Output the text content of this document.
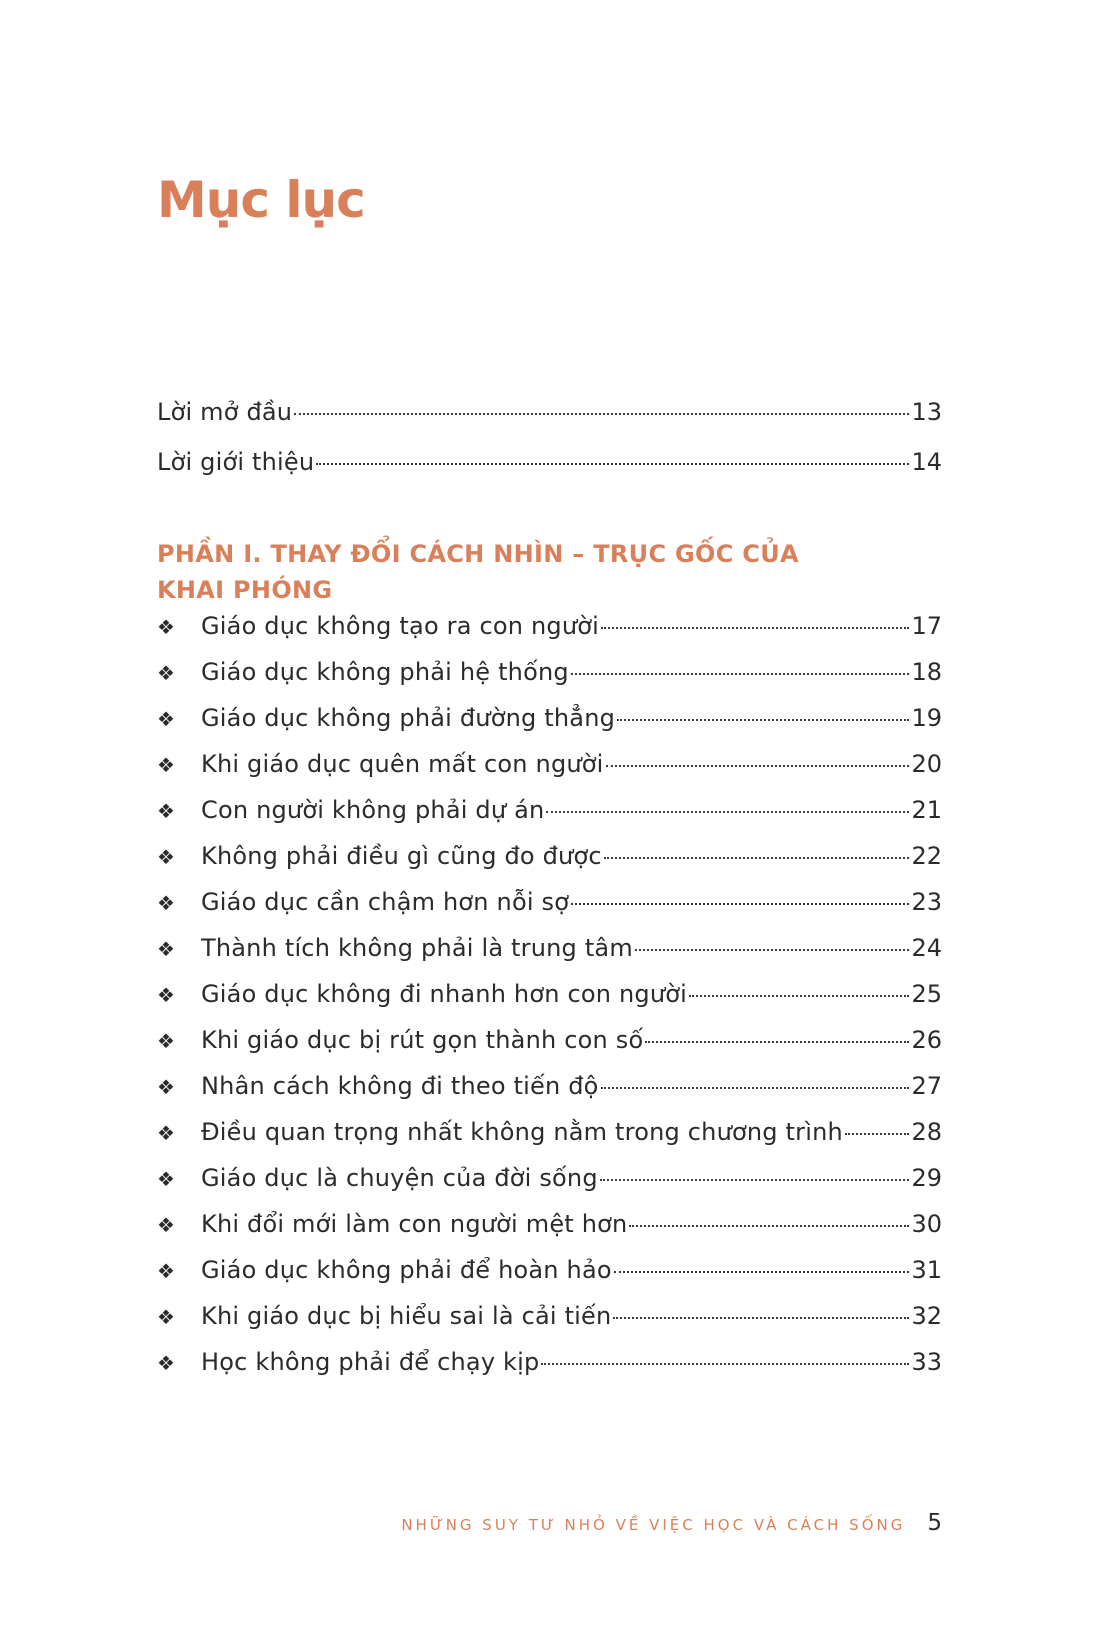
Mục lục
Lời mở đầu	13
Lời giới thiệu	14
PHẦN I. THAY ĐỔI CÁCH NHÌN – TRỤC GỐC CỦA KHAI PHÓNG
❖	Giáo dục không tạo ra con người	17
❖	Giáo dục không phải hệ thống	18
❖	Giáo dục không phải đường thẳng	19
❖	Khi giáo dục quên mất con người	20
❖	Con người không phải dự án	21
❖	Không phải điều gì cũng đo được	22
❖	Giáo dục cần chậm hơn nỗi sợ	23
❖	Thành tích không phải là trung tâm	24
❖	Giáo dục không đi nhanh hơn con người	25
❖	Khi giáo dục bị rút gọn thành con số	26
❖	Nhân cách không đi theo tiến độ	27
❖	Điều quan trọng nhất không nằm trong chương trình	28
❖	Giáo dục là chuyện của đời sống	29
❖	Khi đổi mới làm con người mệt hơn	30
❖	Giáo dục không phải để hoàn hảo	31
❖	Khi giáo dục bị hiểu sai là cải tiến	32
❖	Học không phải để chạy kịp	33
NHỮNG SUY TƯ NHỎ VỀ VIỆC HỌC VÀ CÁCH SỐNG 5
